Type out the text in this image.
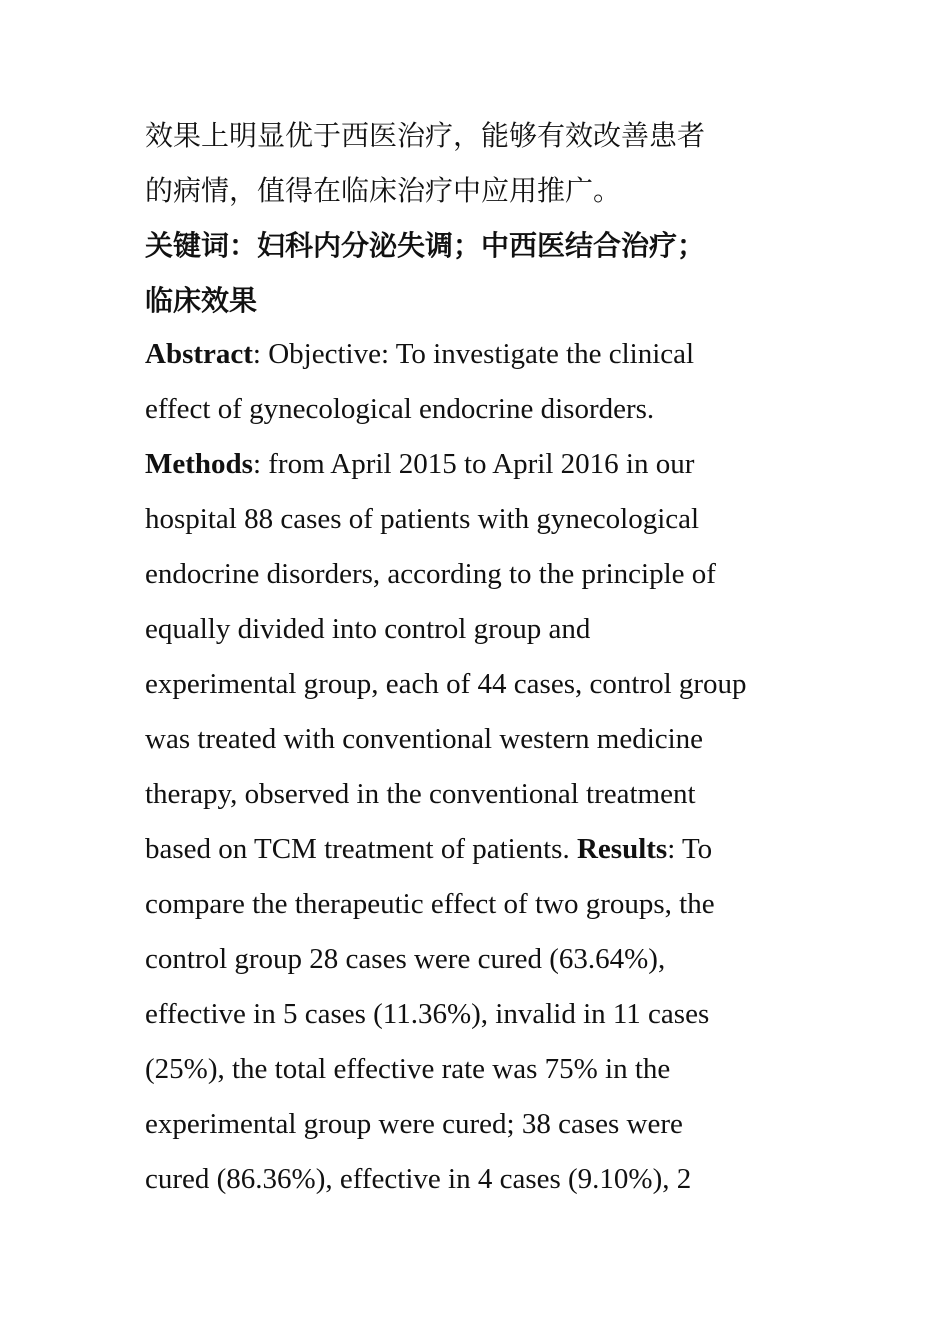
效果上明显优于西医治疗，能够有效改善患者
的病情，值得在临床治疗中应用推广。
关键词：妇科内分泌失调；中西医结合治疗；
临床效果
Abstract: Objective: To investigate the clinical
effect of gynecological endocrine disorders.
Methods: from April 2015 to April 2016 in our
hospital 88 cases of patients with gynecological
endocrine disorders, according to the principle of
equally divided into control group and
experimental group, each of 44 cases, control group
was treated with conventional western medicine
therapy, observed in the conventional treatment
based on TCM treatment of patients. Results: To
compare the therapeutic effect of two groups, the
control group 28 cases were cured (63.64%),
effective in 5 cases (11.36%), invalid in 11 cases
(25%), the total effective rate was 75% in the
experimental group were cured; 38 cases were
cured (86.36%), effective in 4 cases (9.10%), 2
